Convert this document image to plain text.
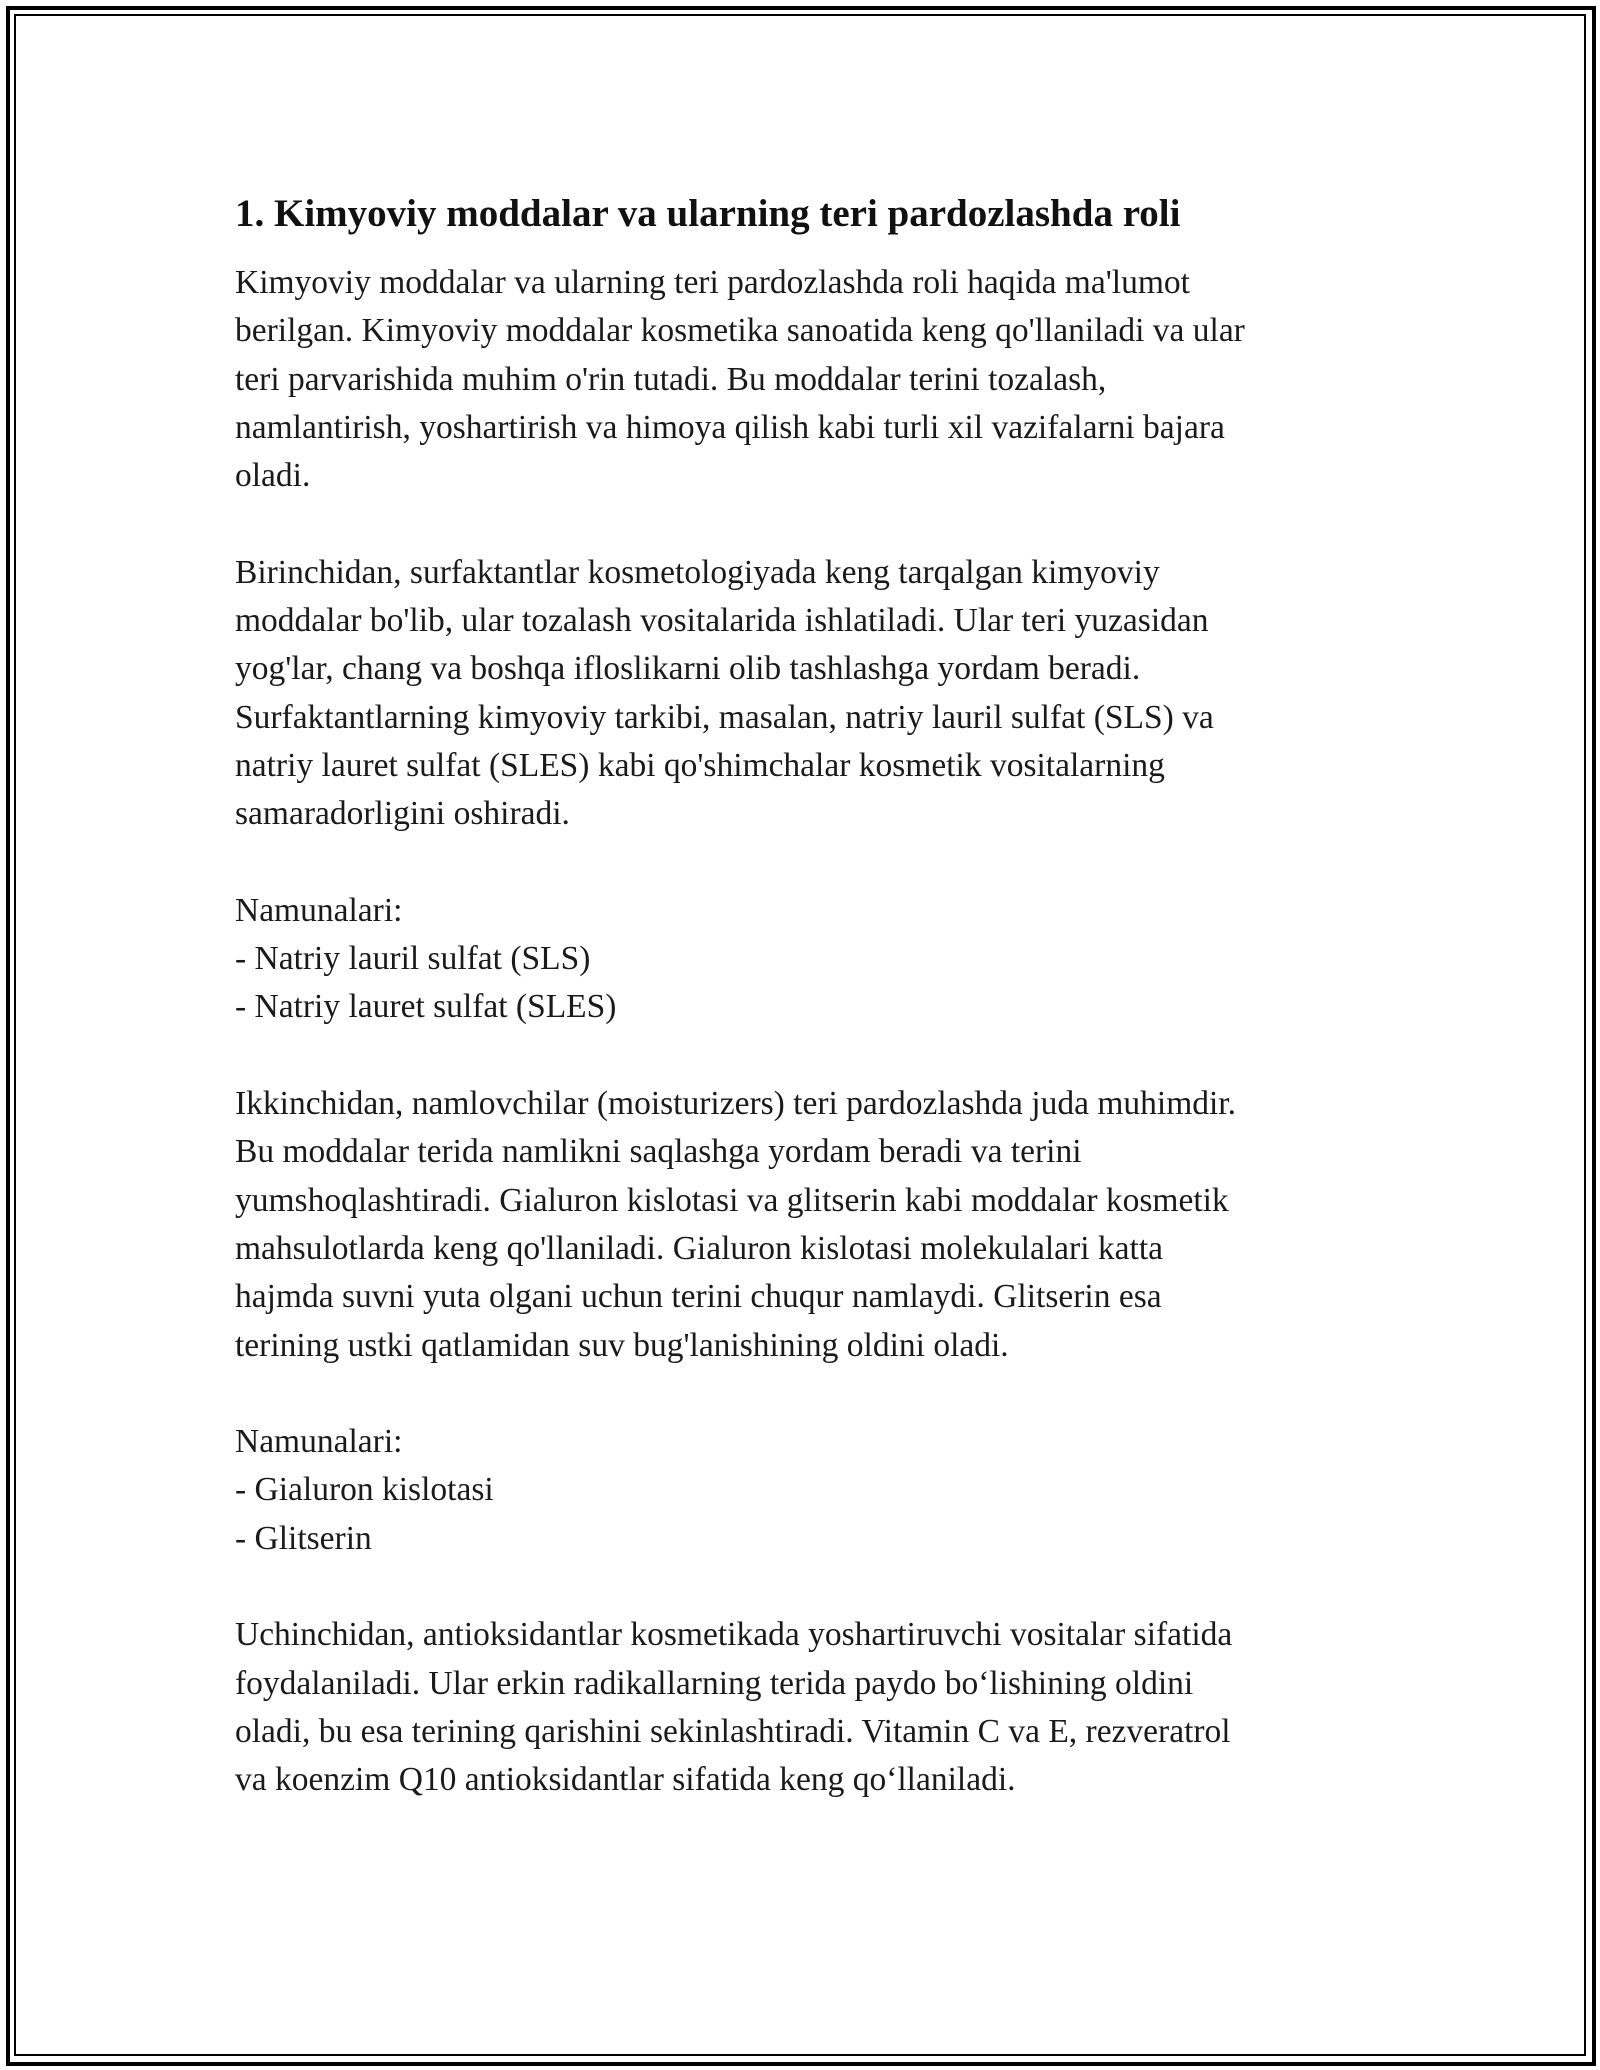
1. Kimyoviy moddalar va ularning teri pardozlashda roli

Kimyoviy moddalar va ularning teri pardozlashda roli haqida ma'lumot
berilgan. Kimyoviy moddalar kosmetika sanoatida keng qo'llaniladi va ular
teri parvarishida muhim o'rin tutadi. Bu moddalar terini tozalash,
namlantirish, yoshartirish va himoya qilish kabi turli xil vazifalarni bajara
oladi.

Birinchidan, surfaktantlar kosmetologiyada keng tarqalgan kimyoviy
moddalar bo'lib, ular tozalash vositalarida ishlatiladi. Ular teri yuzasidan
yog'lar, chang va boshqa ifloslikarni olib tashlashga yordam beradi.
Surfaktantlarning kimyoviy tarkibi, masalan, natriy lauril sulfat (SLS) va
natriy lauret sulfat (SLES) kabi qo'shimchalar kosmetik vositalarning
samaradorligini oshiradi.

Namunalari:

- Natriy lauril sulfat (SLS)
- Natriy lauret sulfat (SLES)

Ikkinchidan, namlovchilar (moisturizers) teri pardozlashda juda muhimdir.
Bu moddalar terida namlikni saqlashga yordam beradi va terini
yumshoqlashtiradi. Gialuron kislotasi va glitserin kabi moddalar kosmetik
mahsulotlarda keng qo'llaniladi. Gialuron kislotasi molekulalari katta
hajmda suvni yuta olgani uchun terini chuqur namlaydi. Glitserin esa
terining ustki qatlamidan suv bug'lanishining oldini oladi.

Namunalari:

- Gialuron kislotasi
- Glitserin

Uchinchidan, antioksidantlar kosmetikada yoshartiruvchi vositalar sifatida
foydalaniladi. Ular erkin radikallarning terida paydo bo‘lishining oldini
oladi, bu esa terining qarishini sekinlashtiradi. Vitamin C va E, rezveratrol
va koenzim Q10 antioksidantlar sifatida keng qo‘llaniladi.
